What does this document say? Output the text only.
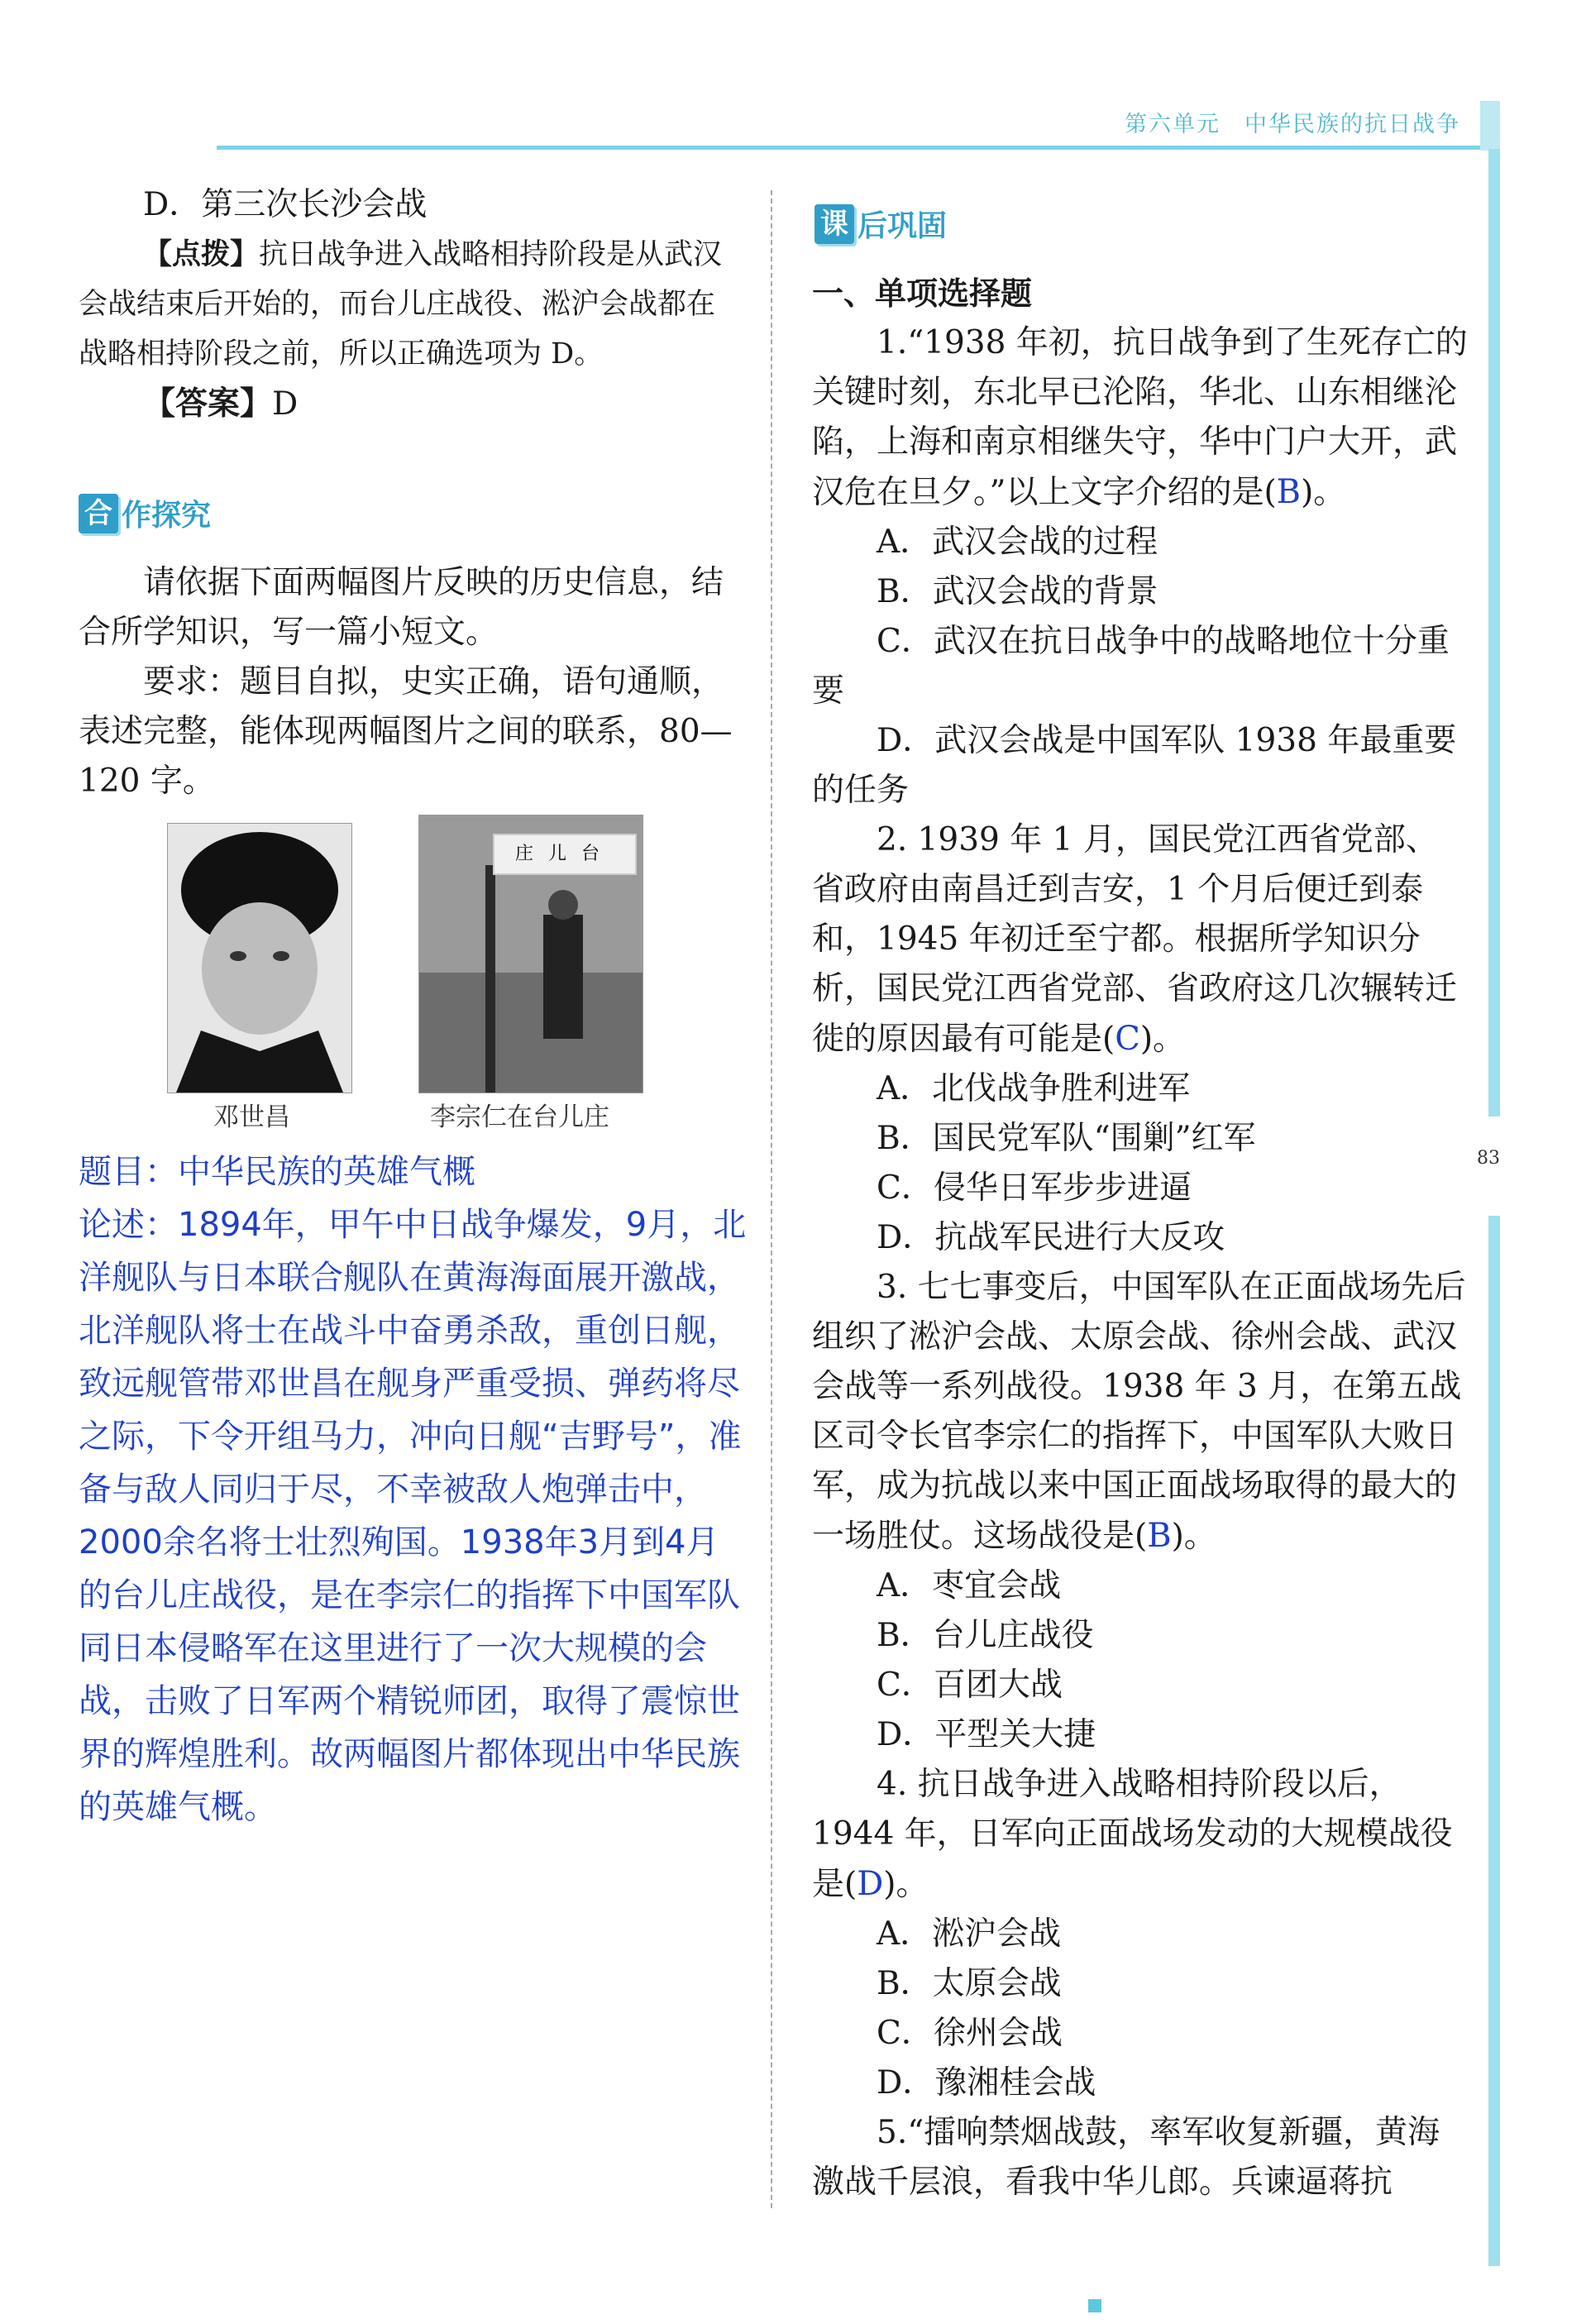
第六单元　中华民族的抗日战争
83

D．第三次长沙会战

【点拨】抗日战争进入战略相持阶段是从武汉会战结束后开始的，而台儿庄战役、淞沪会战都在战略相持阶段之前，所以正确选项为 D。

【答案】D

合 作探究

请依据下面两幅图片反映的历史信息，结合所学知识，写一篇小短文。

要求：题目自拟，史实正确，语句通顺，表述完整，能体现两幅图片之间的联系，80—120 字。

庄儿台
邓世昌	李宗仁在台儿庄

题目：中华民族的英雄气概

论述：1894年，甲午中日战争爆发，9月，北洋舰队与日本联合舰队在黄海海面展开激战，北洋舰队将士在战斗中奋勇杀敌，重创日舰，致远舰管带邓世昌在舰身严重受损、弹药将尽之际，下令开组马力，冲向日舰“吉野号”，准备与敌人同归于尽，不幸被敌人炮弹击中，2000余名将士壮烈殉国。1938年3月到4月的台儿庄战役，是在李宗仁的指挥下中国军队同日本侵略军在这里进行了一次大规模的会战，击败了日军两个精锐师团，取得了震惊世界的辉煌胜利。故两幅图片都体现出中华民族的英雄气概。

课 后巩固

一、单项选择题

1.“1938 年初，抗日战争到了生死存亡的关键时刻，东北早已沦陷，华北、山东相继沦陷，上海和南京相继失守，华中门户大开，武汉危在旦夕。”以上文字介绍的是(B)。

A．武汉会战的过程

B．武汉会战的背景

C．武汉在抗日战争中的战略地位十分重要

D．武汉会战是中国军队 1938 年最重要的任务

2. 1939 年 1 月，国民党江西省党部、省政府由南昌迁到吉安，1 个月后便迁到泰和，1945 年初迁至宁都。根据所学知识分析，国民党江西省党部、省政府这几次辗转迁徙的原因最有可能是(C)。

A．北伐战争胜利进军

B．国民党军队“围剿”红军

C．侵华日军步步进逼

D．抗战军民进行大反攻

3. 七七事变后，中国军队在正面战场先后组织了淞沪会战、太原会战、徐州会战、武汉会战等一系列战役。1938 年 3 月，在第五战区司令长官李宗仁的指挥下，中国军队大败日军，成为抗战以来中国正面战场取得的最大的一场胜仗。这场战役是(B)。

A．枣宜会战

B．台儿庄战役

C．百团大战

D．平型关大捷

4. 抗日战争进入战略相持阶段以后，1944 年，日军向正面战场发动的大规模战役是(D)。

A．淞沪会战

B．太原会战

C．徐州会战

D．豫湘桂会战

5.“擂响禁烟战鼓，率军收复新疆，黄海激战千层浪，看我中华儿郎。兵谏逼蒋抗
